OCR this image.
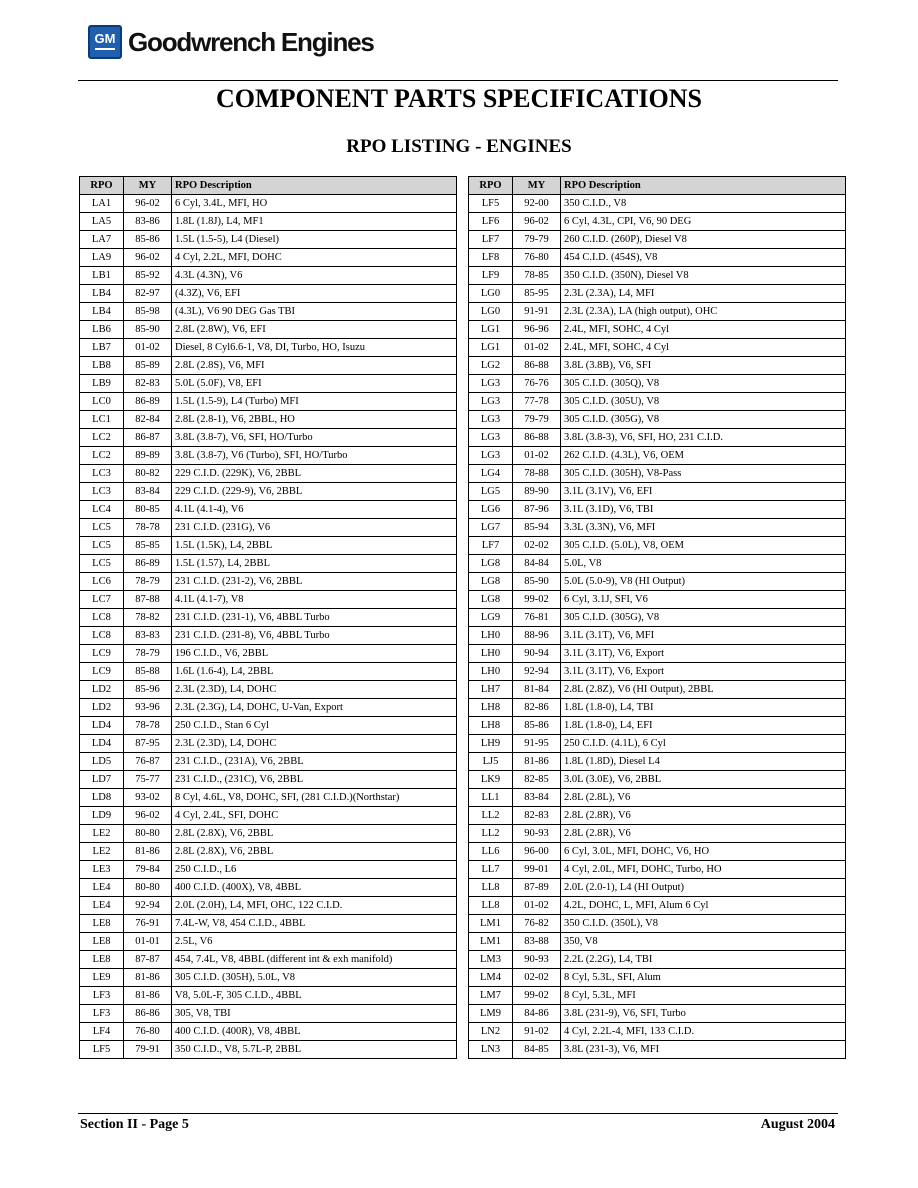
GM Goodwrench Engines
COMPONENT PARTS SPECIFICATIONS
RPO LISTING - ENGINES
RPO	MY	RPO Description
LA1	96-02	6 Cyl, 3.4L, MFI, HO
LA5	83-86	1.8L (1.8J), L4, MF1
LA7	85-86	1.5L (1.5-5), L4 (Diesel)
LA9	96-02	4 Cyl, 2.2L, MFI, DOHC
LB1	85-92	4.3L (4.3N), V6
LB4	82-97	(4.3Z), V6, EFI
LB4	85-98	(4.3L), V6 90 DEG Gas TBI
LB6	85-90	2.8L (2.8W), V6, EFI
LB7	01-02	Diesel, 8 Cyl6.6-1, V8, DI, Turbo, HO, Isuzu
LB8	85-89	2.8L (2.8S), V6, MFI
LB9	82-83	5.0L (5.0F), V8, EFI
LC0	86-89	1.5L (1.5-9), L4 (Turbo) MFI
LC1	82-84	2.8L (2.8-1), V6, 2BBL, HO
LC2	86-87	3.8L (3.8-7), V6, SFI, HO/Turbo
LC2	89-89	3.8L (3.8-7), V6 (Turbo), SFI, HO/Turbo
LC3	80-82	229 C.I.D. (229K), V6, 2BBL
LC3	83-84	229 C.I.D. (229-9), V6, 2BBL
LC4	80-85	4.1L (4.1-4), V6
LC5	78-78	231 C.I.D. (231G), V6
LC5	85-85	1.5L (1.5K), L4, 2BBL
LC5	86-89	1.5L (1.57), L4, 2BBL
LC6	78-79	231 C.I.D. (231-2), V6, 2BBL
LC7	87-88	4.1L (4.1-7), V8
LC8	78-82	231 C.I.D. (231-1), V6, 4BBL Turbo
LC8	83-83	231 C.I.D. (231-8), V6, 4BBL Turbo
LC9	78-79	196 C.I.D., V6, 2BBL
LC9	85-88	1.6L (1.6-4), L4, 2BBL
LD2	85-96	2.3L (2.3D), L4, DOHC
LD2	93-96	2.3L (2.3G), L4, DOHC, U-Van, Export
LD4	78-78	250 C.I.D., Stan 6 Cyl
LD4	87-95	2.3L (2.3D), L4, DOHC
LD5	76-87	231 C.I.D., (231A), V6, 2BBL
LD7	75-77	231 C.I.D., (231C), V6, 2BBL
LD8	93-02	8 Cyl, 4.6L, V8, DOHC, SFI, (281 C.I.D.)(Northstar)
LD9	96-02	4 Cyl, 2.4L, SFI, DOHC
LE2	80-80	2.8L (2.8X), V6, 2BBL
LE2	81-86	2.8L (2.8X), V6, 2BBL
LE3	79-84	250 C.I.D., L6
LE4	80-80	400 C.I.D. (400X), V8, 4BBL
LE4	92-94	2.0L (2.0H), L4, MFI, OHC, 122 C.I.D.
LE8	76-91	7.4L-W, V8, 454 C.I.D., 4BBL
LE8	01-01	2.5L, V6
LE8	87-87	454, 7.4L, V8, 4BBL (different int & exh manifold)
LE9	81-86	305 C.I.D. (305H), 5.0L, V8
LF3	81-86	V8, 5.0L-F, 305 C.I.D., 4BBL
LF3	86-86	305, V8, TBI
LF4	76-80	400 C.I.D. (400R), V8, 4BBL
LF5	79-91	350 C.I.D., V8, 5.7L-P, 2BBL
RPO	MY	RPO Description
LF5	92-00	350 C.I.D., V8
LF6	96-02	6 Cyl, 4.3L, CPI, V6, 90 DEG
LF7	79-79	260 C.I.D. (260P), Diesel V8
LF8	76-80	454 C.I.D. (454S), V8
LF9	78-85	350 C.I.D. (350N), Diesel V8
LG0	85-95	2.3L (2.3A), L4, MFI
LG0	91-91	2.3L (2.3A), LA (high output), OHC
LG1	96-96	2.4L, MFI, SOHC, 4 Cyl
LG1	01-02	2.4L, MFI, SOHC, 4 Cyl
LG2	86-88	3.8L (3.8B), V6, SFI
LG3	76-76	305 C.I.D. (305Q), V8
LG3	77-78	305 C.I.D. (305U), V8
LG3	79-79	305 C.I.D. (305G), V8
LG3	86-88	3.8L (3.8-3), V6, SFI, HO, 231 C.I.D.
LG3	01-02	262 C.I.D. (4.3L), V6, OEM
LG4	78-88	305 C.I.D. (305H), V8-Pass
LG5	89-90	3.1L (3.1V), V6, EFI
LG6	87-96	3.1L (3.1D), V6, TBI
LG7	85-94	3.3L (3.3N), V6, MFI
LF7	02-02	305 C.I.D. (5.0L), V8, OEM
LG8	84-84	5.0L, V8
LG8	85-90	5.0L (5.0-9), V8 (HI Output)
LG8	99-02	6 Cyl, 3.1J, SFI, V6
LG9	76-81	305 C.I.D. (305G), V8
LH0	88-96	3.1L (3.1T), V6, MFI
LH0	90-94	3.1L (3.1T), V6, Export
LH0	92-94	3.1L (3.1T), V6, Export
LH7	81-84	2.8L (2.8Z), V6 (HI Output), 2BBL
LH8	82-86	1.8L (1.8-0), L4, TBI
LH8	85-86	1.8L (1.8-0), L4, EFI
LH9	91-95	250 C.I.D. (4.1L), 6 Cyl
LJ5	81-86	1.8L (1.8D), Diesel L4
LK9	82-85	3.0L (3.0E), V6, 2BBL
LL1	83-84	2.8L (2.8L), V6
LL2	82-83	2.8L (2.8R), V6
LL2	90-93	2.8L (2.8R), V6
LL6	96-00	6 Cyl, 3.0L, MFI, DOHC, V6, HO
LL7	99-01	4 Cyl, 2.0L, MFI, DOHC, Turbo, HO
LL8	87-89	2.0L (2.0-1), L4 (HI Output)
LL8	01-02	4.2L, DOHC, L, MFI, Alum 6 Cyl
LM1	76-82	350 C.I.D. (350L), V8
LM1	83-88	350, V8
LM3	90-93	2.2L (2.2G), L4, TBI
LM4	02-02	8 Cyl, 5.3L, SFI, Alum
LM7	99-02	8 Cyl, 5.3L, MFI
LM9	84-86	3.8L (231-9), V6, SFI, Turbo
LN2	91-02	4 Cyl, 2.2L-4, MFI, 133 C.I.D.
LN3	84-85	3.8L (231-3), V6, MFI
Section II - Page 5	August 2004
